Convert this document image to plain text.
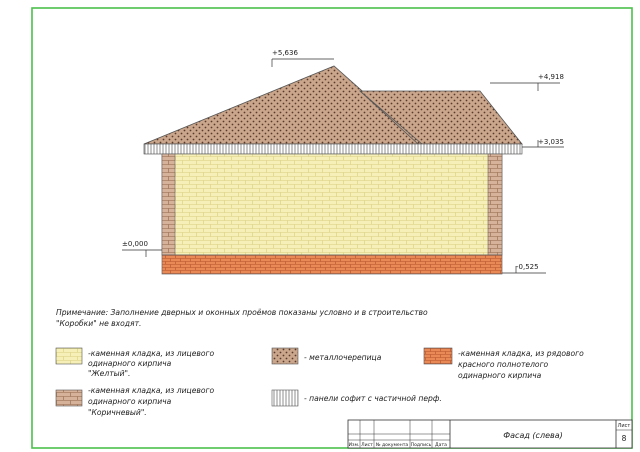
+5,636
+4,918
+3,035
±0,000
-0,525
Примечание: Заполнение дверных и оконных проёмов показаны условно и в строительство
"Коробки" не входят.
-каменная кладка, из лицевого
одинарного кирпича
"Желтый".
-каменная кладка, из лицевого
одинарного кирпича
"Коричневый".
- металлочерепица
- панели софит с частичной перф.
-каменная кладка, из рядового
красного полнотелого
одинарного кирпича
Изм. Лист № документа Подпись Дата
Фасад (слева)
Лист
8
